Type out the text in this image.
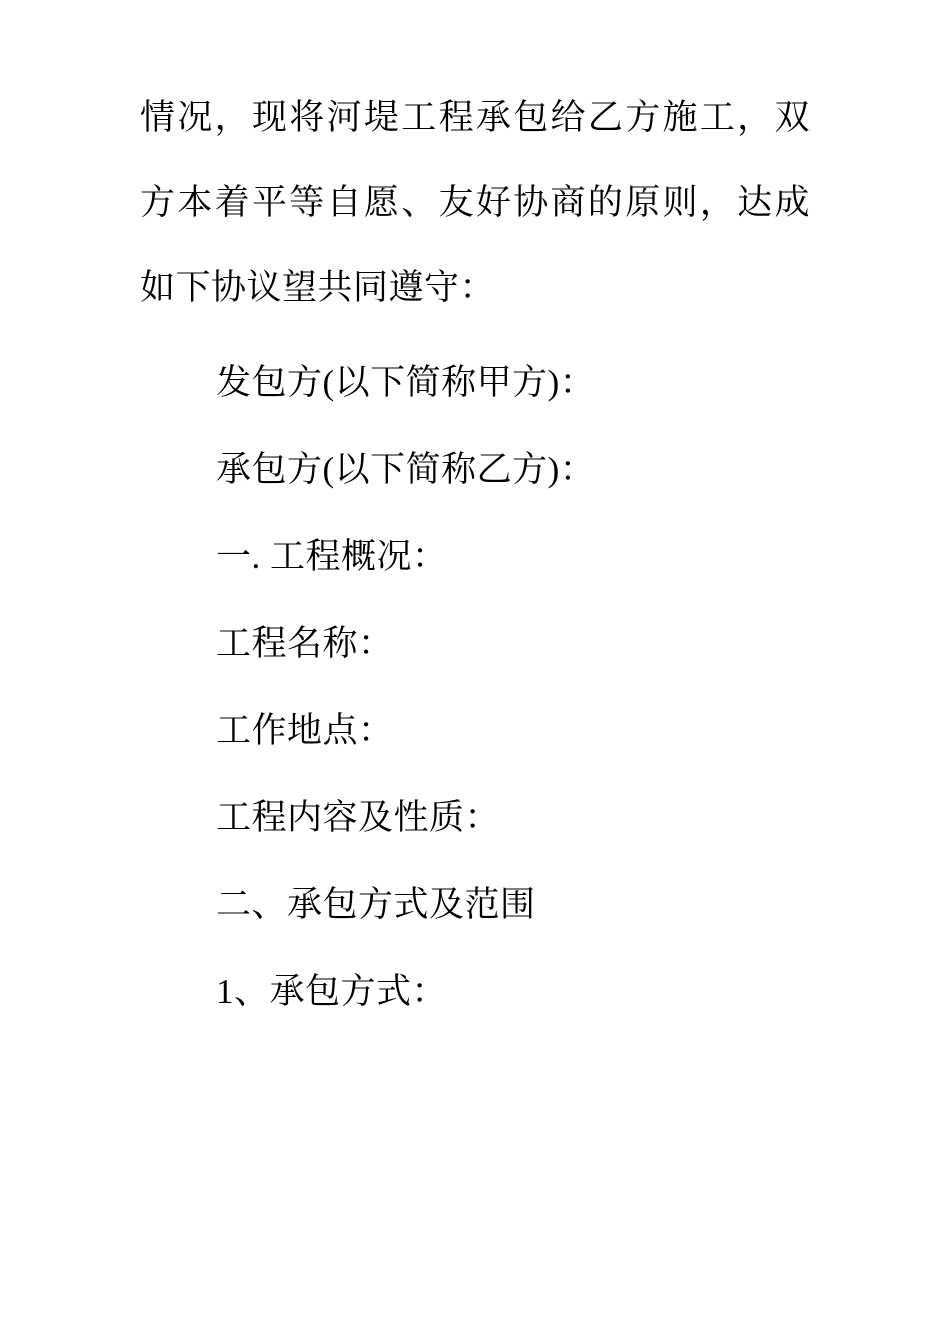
情况，现将河堤工程承包给乙方施工，双

方本着平等自愿、友好协商的原则，达成

如下协议望共同遵守：

发包方(以下简称甲方)：

承包方(以下简称乙方)：

一. 工程概况：

工程名称：

工作地点：

工程内容及性质：

二、承包方式及范围

1、承包方式：
